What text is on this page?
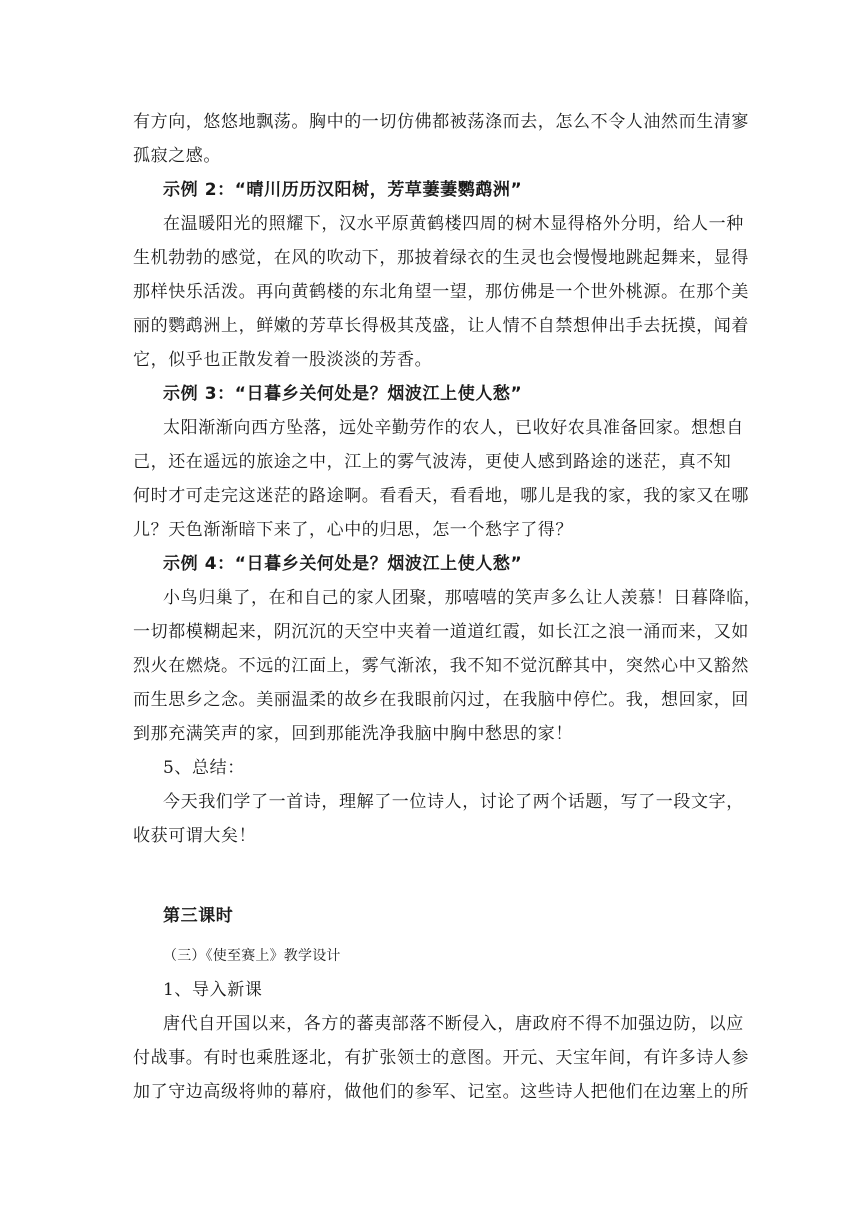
有方向，悠悠地飘荡。胸中的一切仿佛都被荡涤而去，怎么不令人油然而生清寥
孤寂之感。
示例 2：“晴川历历汉阳树，芳草萋萋鹦鹉洲”
在温暖阳光的照耀下，汉水平原黄鹤楼四周的树木显得格外分明，给人一种
生机勃勃的感觉，在风的吹动下，那披着绿衣的生灵也会慢慢地跳起舞来，显得
那样快乐活泼。再向黄鹤楼的东北角望一望，那仿佛是一个世外桃源。在那个美
丽的鹦鹉洲上，鲜嫩的芳草长得极其茂盛，让人情不自禁想伸出手去抚摸，闻着
它，似乎也正散发着一股淡淡的芳香。
示例 3：“日暮乡关何处是？烟波江上使人愁”
太阳渐渐向西方坠落，远处辛勤劳作的农人，已收好农具准备回家。想想自
己，还在遥远的旅途之中，江上的雾气波涛，更使人感到路途的迷茫，真不知
何时才可走完这迷茫的路途啊。看看天，看看地，哪儿是我的家，我的家又在哪
儿？天色渐渐暗下来了，心中的归思，怎一个愁字了得？
示例 4：“日暮乡关何处是？烟波江上使人愁”
小鸟归巢了，在和自己的家人团聚，那嘻嘻的笑声多么让人羡慕！日暮降临，
一切都模糊起来，阴沉沉的天空中夹着一道道红霞，如长江之浪一涌而来，又如
烈火在燃烧。不远的江面上，雾气渐浓，我不知不觉沉醉其中，突然心中又豁然
而生思乡之念。美丽温柔的故乡在我眼前闪过，在我脑中停伫。我，想回家，回
到那充满笑声的家，回到那能洗净我脑中胸中愁思的家！
5、总结：
今天我们学了一首诗，理解了一位诗人，讨论了两个话题，写了一段文字，
收获可谓大矣！
第三课时
（三）《使至赛上》教学设计
1、导入新课
唐代自开国以来，各方的蕃夷部落不断侵入，唐政府不得不加强边防，以应
付战事。有时也乘胜逐北，有扩张领士的意图。开元、天宝年间，有许多诗人参
加了守边高级将帅的幕府，做他们的参军、记室。这些诗人把他们在边塞上的所
